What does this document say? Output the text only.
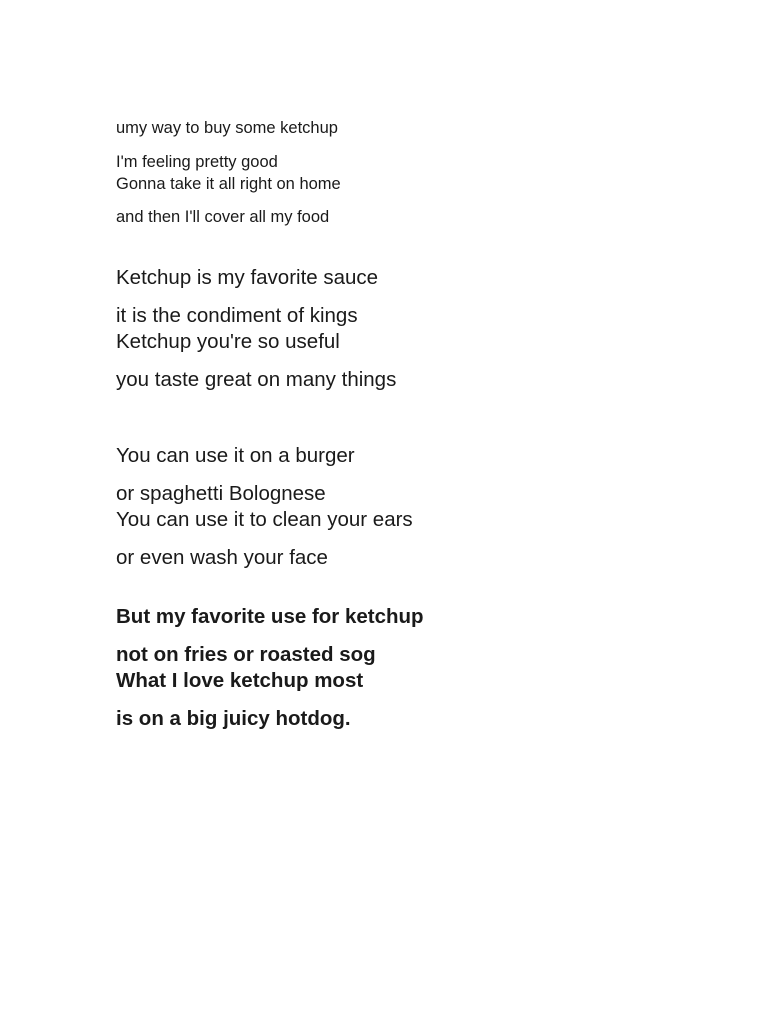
umy way to buy some ketchup
I'm feeling pretty good
Gonna take it all right on home
and then I'll cover all my food
Ketchup is my favorite sauce
it is the condiment of kings
Ketchup you're so useful
you taste great on many things
You can use it on a burger
or spaghetti Bolognese
You can use it to clean your ears
or even wash your face
But my favorite use for ketchup
not on fries or roasted sog
What I love ketchup most
is on a big juicy hotdog.
